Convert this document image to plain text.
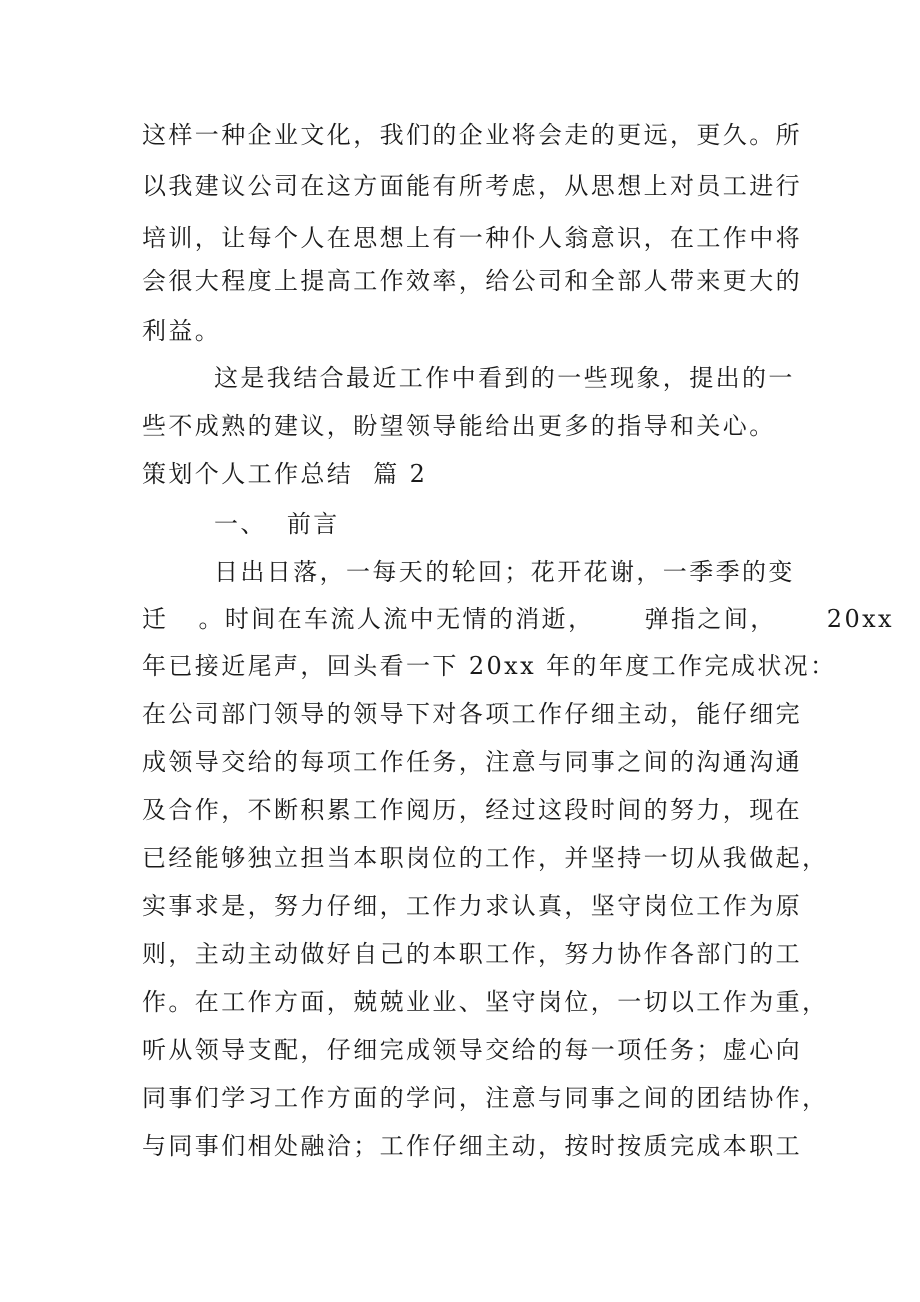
这样一种企业文化，我们的企业将会走的更远，更久。所
以我建议公司在这方面能有所考虑，从思想上对员工进行
培训，让每个人在思想上有一种仆人翁意识，在工作中将
会很大程度上提高工作效率，给公司和全部人带来更大的
利益。
这是我结合最近工作中看到的一些现象，提出的一
些不成熟的建议，盼望领导能给出更多的指导和关心。
策划个人工作总结  篇 2
一、  前言
日出日落，一每天的轮回；花开花谢，一季季的变
迁   。时间在车流人流中无情的消逝，     弹指之间，     20xx
年已接近尾声，回头看一下 20xx 年的年度工作完成状况：
在公司部门领导的领导下对各项工作仔细主动，能仔细完
成领导交给的每项工作任务，注意与同事之间的沟通沟通
及合作，不断积累工作阅历，经过这段时间的努力，现在
已经能够独立担当本职岗位的工作，并坚持一切从我做起，
实事求是，努力仔细，工作力求认真，坚守岗位工作为原
则，主动主动做好自己的本职工作，努力协作各部门的工
作。在工作方面，兢兢业业、坚守岗位，一切以工作为重，
听从领导支配，仔细完成领导交给的每一项任务；虚心向
同事们学习工作方面的学问，注意与同事之间的团结协作，
与同事们相处融洽；工作仔细主动，按时按质完成本职工
